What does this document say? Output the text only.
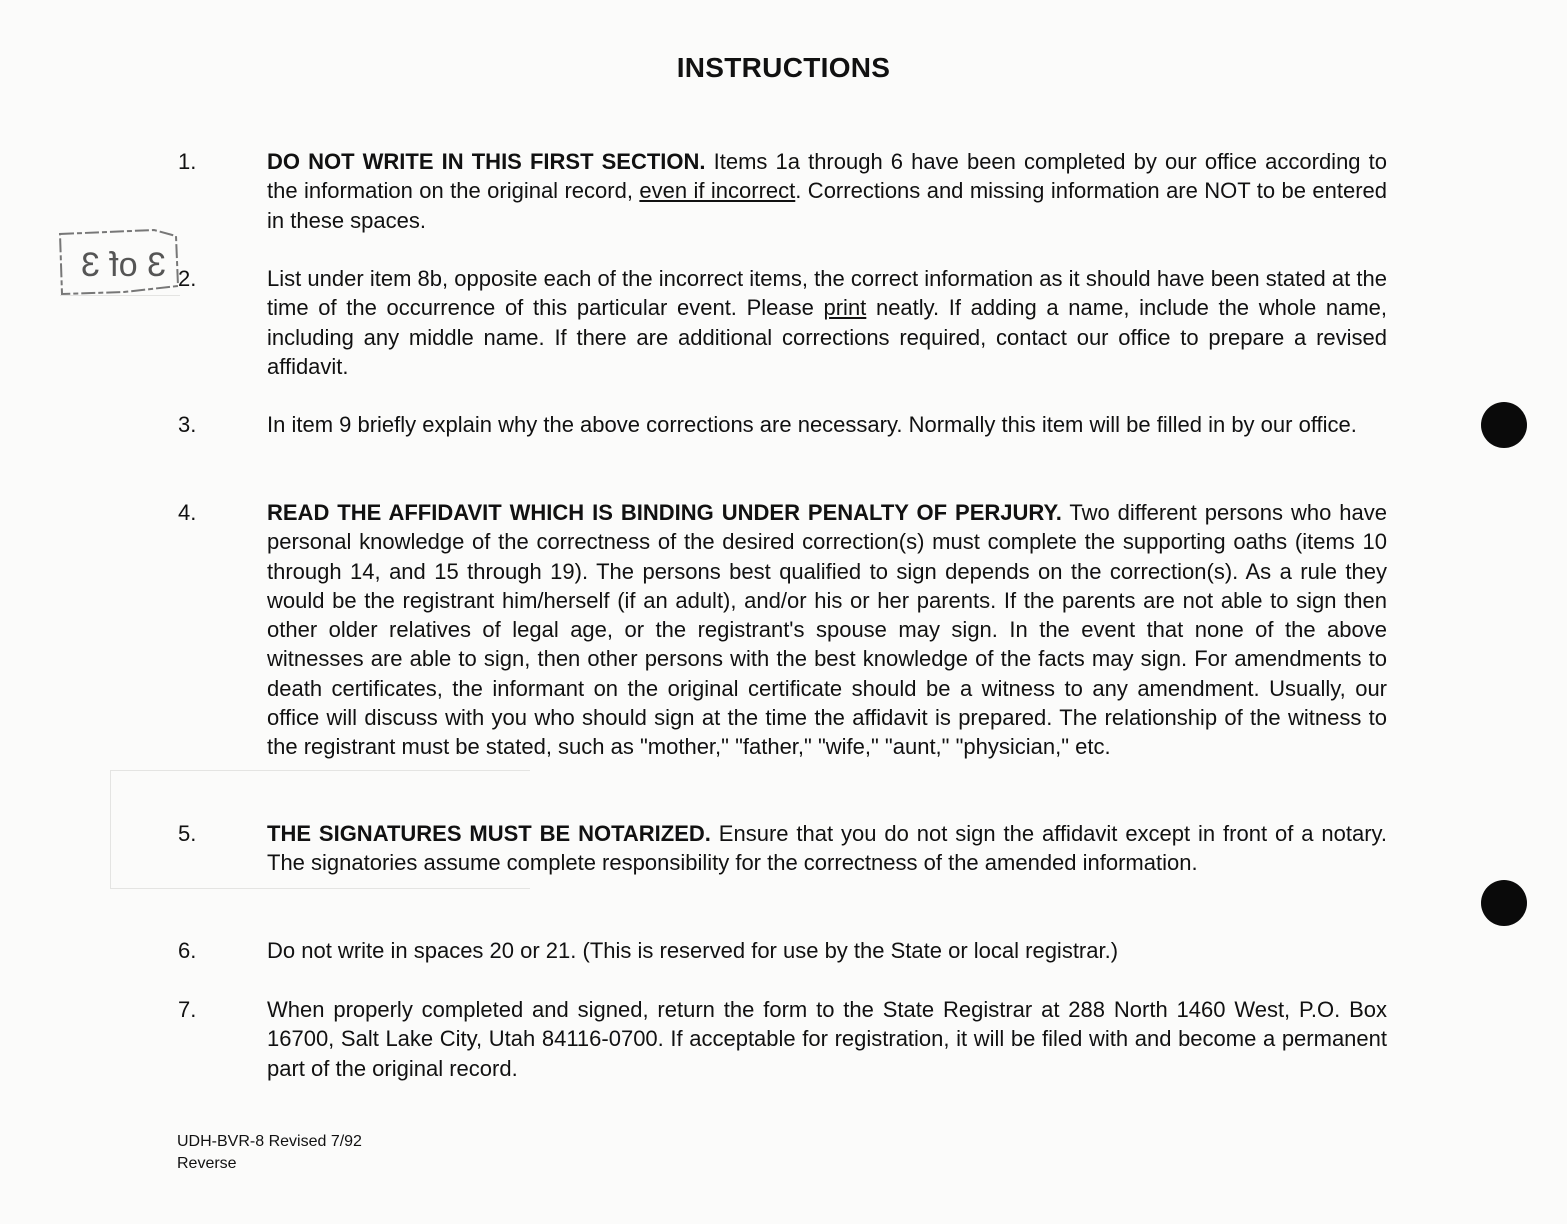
INSTRUCTIONS
1.	DO NOT WRITE IN THIS FIRST SECTION. Items 1a through 6 have been completed by our office according to the information on the original record, even if incorrect. Corrections and missing information are NOT to be entered in these spaces.
2.	List under item 8b, opposite each of the incorrect items, the correct information as it should have been stated at the time of the occurrence of this particular event. Please print neatly. If adding a name, include the whole name, including any middle name. If there are additional corrections required, contact our office to prepare a revised affidavit.
3.	In item 9 briefly explain why the above corrections are necessary. Normally this item will be filled in by our office.
4.	READ THE AFFIDAVIT WHICH IS BINDING UNDER PENALTY OF PERJURY. Two different persons who have personal knowledge of the correctness of the desired correction(s) must complete the supporting oaths (items 10 through 14, and 15 through 19). The persons best qualified to sign depends on the correction(s). As a rule they would be the registrant him/herself (if an adult), and/or his or her parents. If the parents are not able to sign then other older relatives of legal age, or the registrant's spouse may sign. In the event that none of the above witnesses are able to sign, then other persons with the best knowledge of the facts may sign. For amendments to death certificates, the informant on the original certificate should be a witness to any amendment. Usually, our office will discuss with you who should sign at the time the affidavit is prepared. The relationship of the witness to the registrant must be stated, such as "mother," "father," "wife," "aunt," "physician," etc.
5.	THE SIGNATURES MUST BE NOTARIZED. Ensure that you do not sign the affidavit except in front of a notary. The signatories assume complete responsibility for the correctness of the amended information.
6.	Do not write in spaces 20 or 21. (This is reserved for use by the State or local registrar.)
7.	When properly completed and signed, return the form to the State Registrar at 288 North 1460 West, P.O. Box 16700, Salt Lake City, Utah 84116-0700. If acceptable for registration, it will be filed with and become a permanent part of the original record.
3 of 3
UDH-BVR-8 Revised 7/92
Reverse
